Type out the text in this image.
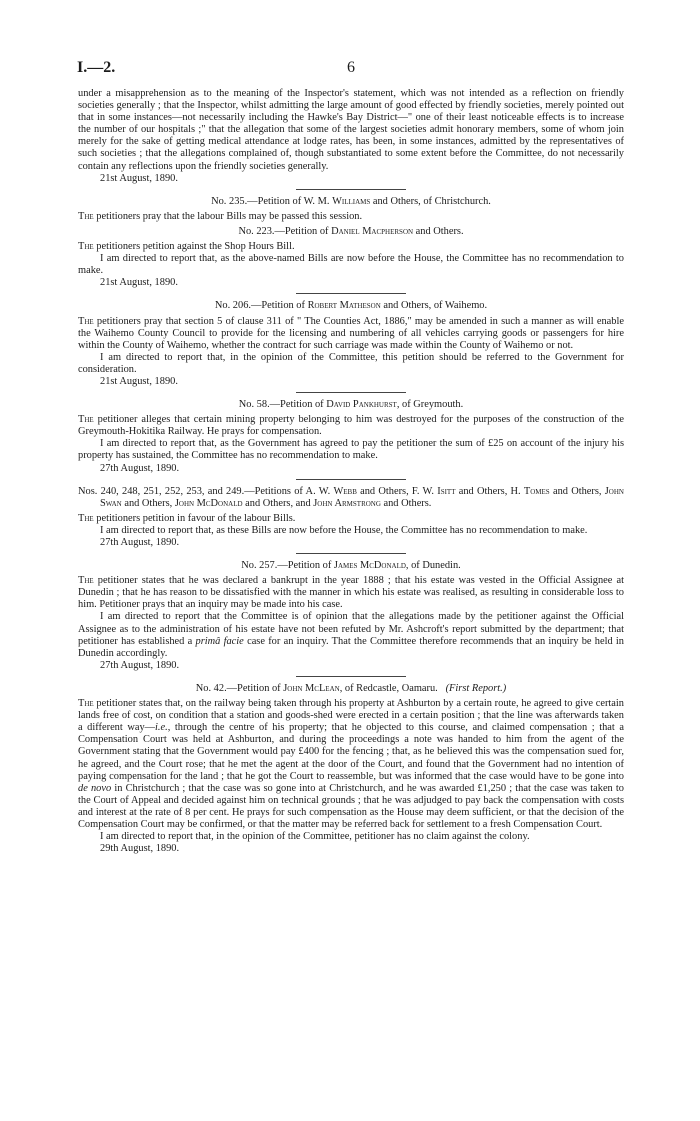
I.—2.	6

under a misapprehension as to the meaning of the Inspector's statement, which was not intended as a reflection on friendly societies generally ; that the Inspector, whilst admitting the large amount of good effected by friendly societies, merely pointed out that in some instances—not necessarily including the Hawke's Bay District—" one of their least noticeable effects is to increase the number of our hospitals ;" that the allegation that some of the largest societies admit honorary members, some of whom join merely for the sake of getting medical attendance at lodge rates, has been, in some instances, admitted by the representatives of such societies ; that the allegations complained of, though substantiated to some extent before the Committee, do not necessarily contain any reflections upon the friendly societies generally.

21st August, 1890.

No. 235.—Petition of W. M. Williams and Others, of Christchurch.

The petitioners pray that the labour Bills may be passed this session.

No. 223.—Petition of Daniel Macpherson and Others.

The petitioners petition against the Shop Hours Bill.

I am directed to report that, as the above-named Bills are now before the House, the Committee has no recommendation to make.

21st August, 1890.

No. 206.—Petition of Robert Matheson and Others, of Waihemo.

The petitioners pray that section 5 of clause 311 of " The Counties Act, 1886," may be amended in such a manner as will enable the Waihemo County Council to provide for the licensing and numbering of all vehicles carrying goods or passengers for hire within the County of Waihemo, whether the contract for such carriage was made within the County of Waihemo or not.

I am directed to report that, in the opinion of the Committee, this petition should be referred to the Government for consideration.

21st August, 1890.

No. 58.—Petition of David Pankhurst, of Greymouth.

The petitioner alleges that certain mining property belonging to him was destroyed for the purposes of the construction of the Greymouth-Hokitika Railway. He prays for compensation.

I am directed to report that, as the Government has agreed to pay the petitioner the sum of £25 on account of the injury his property has sustained, the Committee has no recommendation to make.

27th August, 1890.

Nos. 240, 248, 251, 252, 253, and 249.—Petitions of A. W. Webb and Others, F. W. Isitt and Others, H. Tomes and Others, John Swan and Others, John McDonald and Others, and John Armstrong and Others.

The petitioners petition in favour of the labour Bills.

I am directed to report that, as these Bills are now before the House, the Committee has no recommendation to make.

27th August, 1890.

No. 257.—Petition of James McDonald, of Dunedin.

The petitioner states that he was declared a bankrupt in the year 1888 ; that his estate was vested in the Official Assignee at Dunedin ; that he has reason to be dissatisfied with the manner in which his estate was realised, as resulting in considerable loss to him. Petitioner prays that an inquiry may be made into his case.

I am directed to report that the Committee is of opinion that the allegations made by the petitioner against the Official Assignee as to the administration of his estate have not been refuted by Mr. Ashcroft's report submitted by the department; that petitioner has established a primâ facie case for an inquiry. That the Committee therefore recommends that an inquiry be held in Dunedin accordingly.

27th August, 1890.

No. 42.—Petition of John McLean, of Redcastle, Oamaru. (First Report.)

The petitioner states that, on the railway being taken through his property at Ashburton by a certain route, he agreed to give certain lands free of cost, on condition that a station and goods-shed were erected in a certain position ; that the line was afterwards taken a different way—i.e., through the centre of his property; that he objected to this course, and claimed compensation ; that a Compensation Court was held at Ashburton, and during the proceedings a note was handed to him from the agent of the Government stating that the Government would pay £400 for the fencing ; that, as he believed this was the compensation sued for, he agreed, and the Court rose; that he met the agent at the door of the Court, and found that the Government had no intention of paying compensation for the land ; that he got the Court to reassemble, but was informed that the case would have to be gone into de novo in Christchurch ; that the case was so gone into at Christchurch, and he was awarded £1,250 ; that the case was taken to the Court of Appeal and decided against him on technical grounds ; that he was adjudged to pay back the compensation with costs and interest at the rate of 8 per cent. He prays for such compensation as the House may deem sufficient, or that the decision of the Compensation Court may be confirmed, or that the matter may be referred back for settlement to a fresh Compensation Court.

I am directed to report that, in the opinion of the Committee, petitioner has no claim against the colony.

29th August, 1890.
